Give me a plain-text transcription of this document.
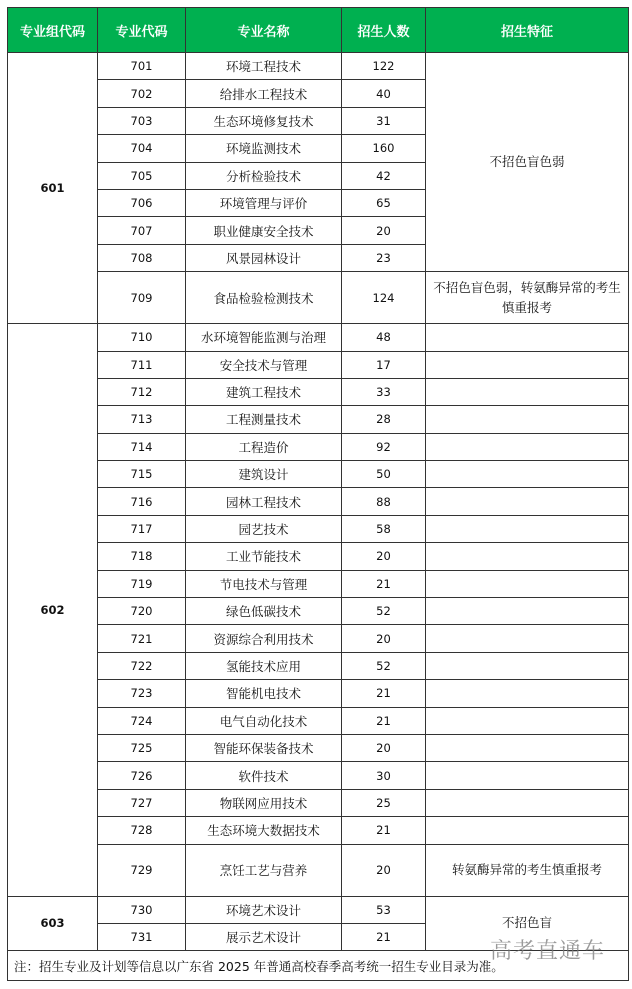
专业组代码	专业代码	专业名称	招生人数	招生特征
601	701	环境工程技术	122	不招色盲色弱
	702	给排水工程技术	40	
	703	生态环境修复技术	31	
	704	环境监测技术	160	
	705	分析检验技术	42	
	706	环境管理与评价	65	
	707	职业健康安全技术	20	
	708	风景园林设计	23	
	709	食品检验检测技术	124	不招色盲色弱，转氨酶异常的考生慎重报考
602	710	水环境智能监测与治理	48	
	711	安全技术与管理	17	
	712	建筑工程技术	33	
	713	工程测量技术	28	
	714	工程造价	92	
	715	建筑设计	50	
	716	园林工程技术	88	
	717	园艺技术	58	
	718	工业节能技术	20	
	719	节电技术与管理	21	
	720	绿色低碳技术	52	
	721	资源综合利用技术	20	
	722	氢能技术应用	52	
	723	智能机电技术	21	
	724	电气自动化技术	21	
	725	智能环保装备技术	20	
	726	软件技术	30	
	727	物联网应用技术	25	
	728	生态环境大数据技术	21	
	729	烹饪工艺与营养	20	转氨酶异常的考生慎重报考
603	730	环境艺术设计	53	不招色盲
	731	展示艺术设计	21	
注：招生专业及计划等信息以广东省 2025 年普通高校春季高考统一招生专业目录为准。				
高考直通车
